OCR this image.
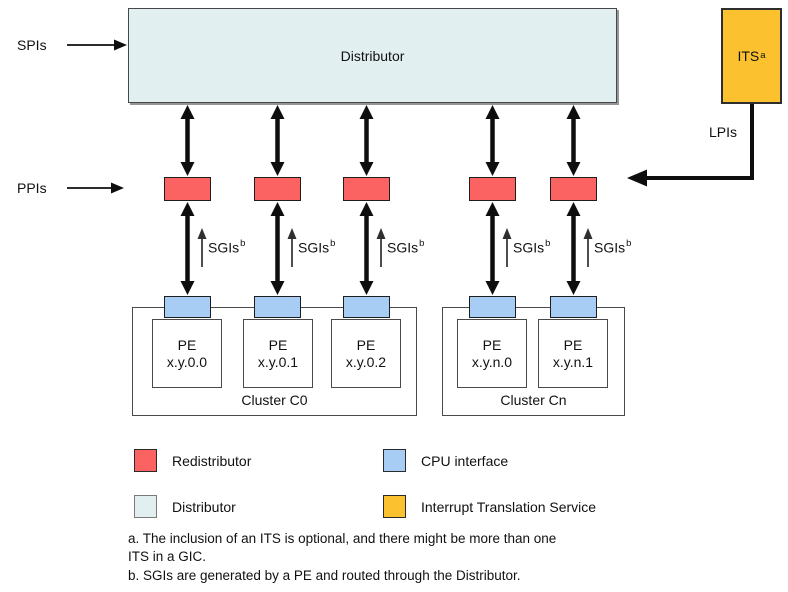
SPIs
PPIs
LPIs
Cluster C0	Cluster Cn
PE
x.y.0.0
PE
x.y.0.1
PE
x.y.0.2
PE
x.y.n.0
PE
x.y.n.1
Distributor	ITS$^a$
SGIs$^b$	SGIs$^b$	SGIs$^b$	SGIs$^b$	SGIs$^b$
Redistributor	CPU interface
Distributor	Interrupt Translation Service
a. The inclusion of an ITS is optional, and there might be more than one
ITS in a GIC.
b. SGIs are generated by a PE and routed through the Distributor.
